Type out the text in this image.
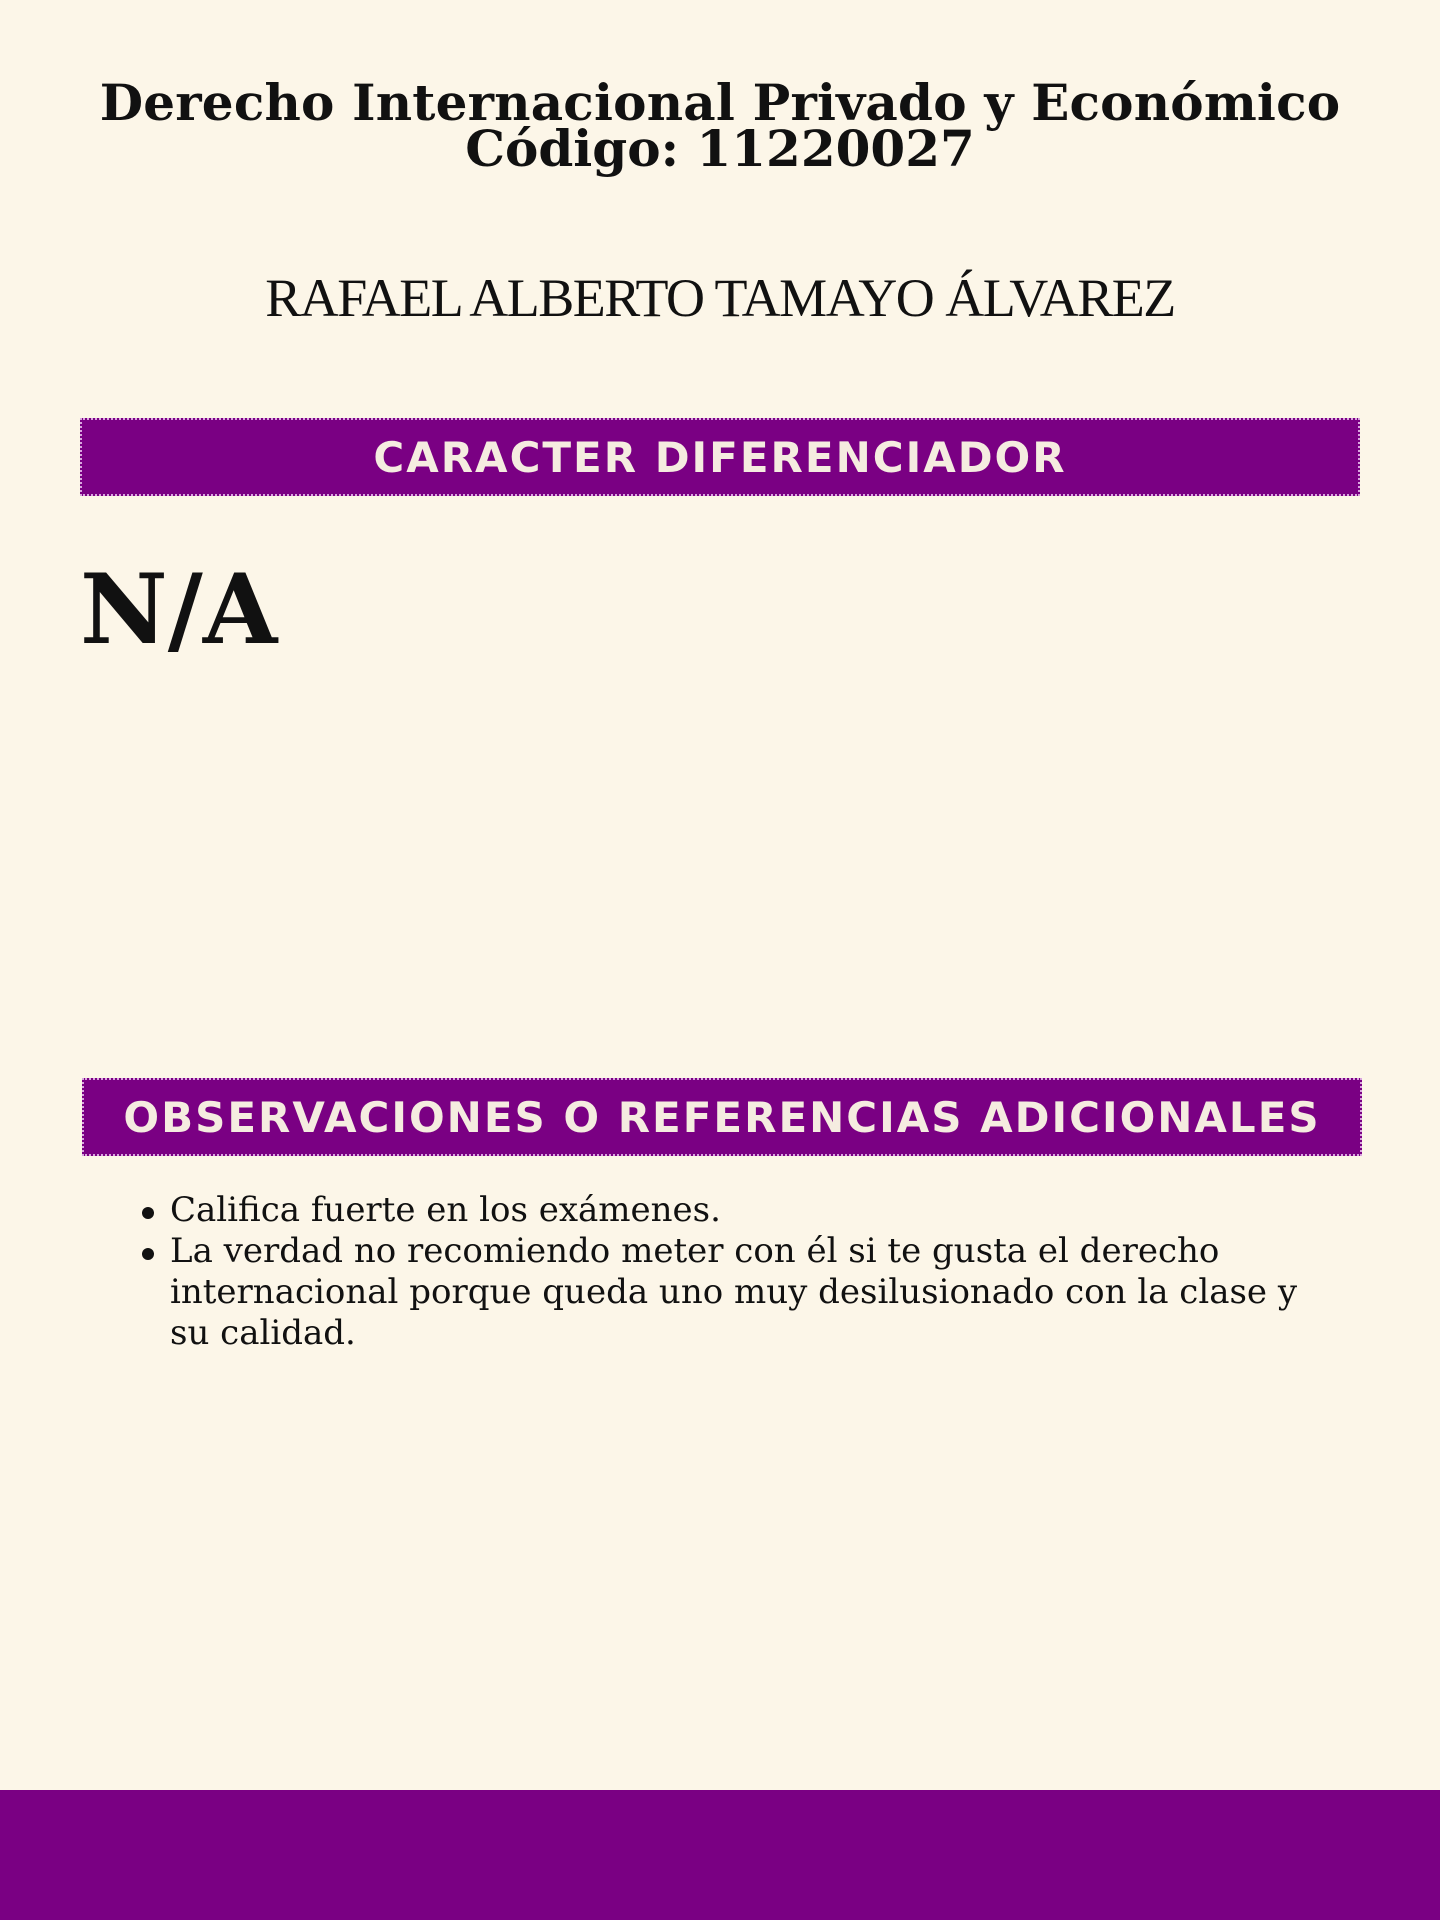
Derecho Internacional Privado y Económico

Código: 11220027

RAFAEL ALBERTO TAMAYO ÁLVAREZ
CARACTER DIFERENCIADOR
N/A
OBSERVACIONES O REFERENCIAS ADICIONALES
Califica fuerte en los exámenes.
La verdad no recomiendo meter con él si te gusta el derecho internacional porque queda uno muy desilusionado con la clase y su calidad.
